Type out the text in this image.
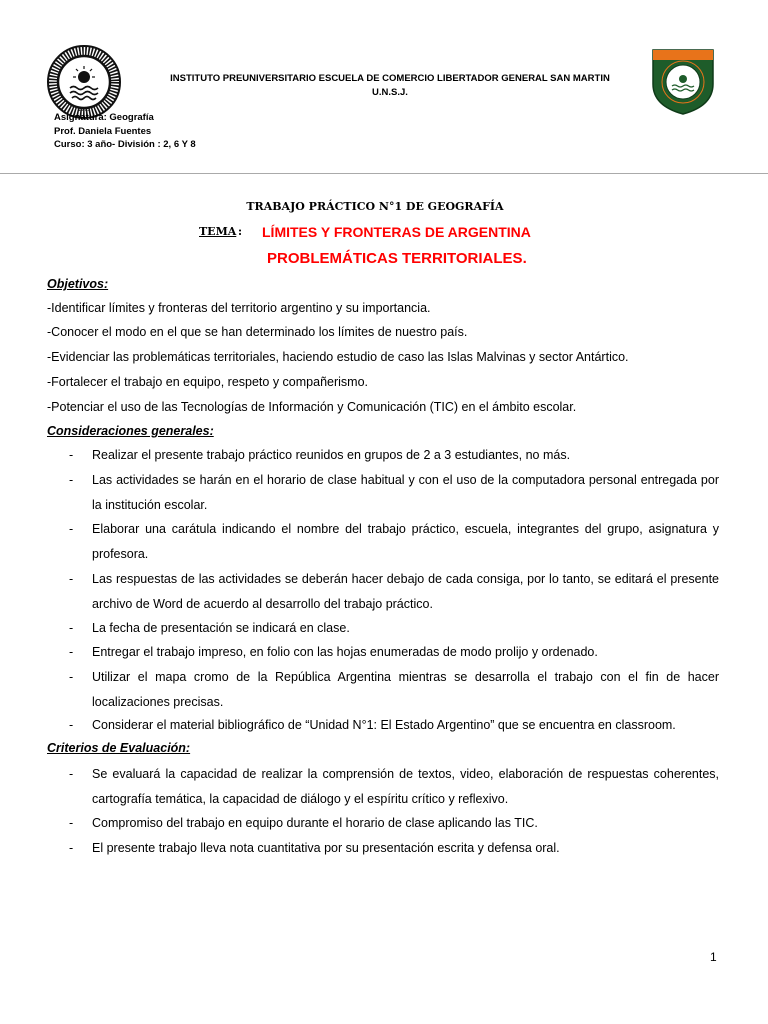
1973
INSTITUTO PREUNIVERSITARIO ESCUELA DE COMERCIO LIBERTADOR GENERAL SAN MARTIN
U.N.S.J.
Asignatura: Geografía
Prof. Daniela Fuentes
Curso: 3 año- División : 2, 6 Y 8
TRABAJO PRÁCTICO N°1 DE GEOGRAFÍA
TEMA : LÍMITES Y FRONTERAS DE ARGENTINA
PROBLEMÁTICAS TERRITORIALES.
Objetivos:
-Identificar límites y fronteras del territorio argentino y su importancia.
-Conocer el modo en el que se han determinado los límites de nuestro país.
-Evidenciar las problemáticas territoriales, haciendo estudio de caso las Islas Malvinas y sector Antártico.
-Fortalecer el trabajo en equipo, respeto y compañerismo.
-Potenciar el uso de las Tecnologías de Información y Comunicación (TIC) en el ámbito escolar.
Consideraciones generales:
- Realizar el presente trabajo práctico reunidos en grupos de 2 a 3 estudiantes, no más.
- Las actividades se harán en el horario de clase habitual y con el uso de la computadora personal entregada por la institución escolar.
- Elaborar una carátula indicando el nombre del trabajo práctico, escuela, integrantes del grupo, asignatura y profesora.
- Las respuestas de las actividades se deberán hacer debajo de cada consiga, por lo tanto, se editará el presente archivo de Word de acuerdo al desarrollo del trabajo práctico.
- La fecha de presentación se indicará en clase.
- Entregar el trabajo impreso, en folio con las hojas enumeradas de modo prolijo y ordenado.
- Utilizar el mapa cromo de la República Argentina mientras se desarrolla el trabajo con el fin de hacer localizaciones precisas.
- Considerar el material bibliográfico de “Unidad N°1: El Estado Argentino” que se encuentra en classroom.
Criterios de Evaluación:
- Se evaluará la capacidad de realizar la comprensión de textos, video, elaboración de respuestas coherentes, cartografía temática, la capacidad de diálogo y el espíritu crítico y reflexivo.
- Compromiso del trabajo en equipo durante el horario de clase aplicando las TIC.
- El presente trabajo lleva nota cuantitativa por su presentación escrita y defensa oral.
1
